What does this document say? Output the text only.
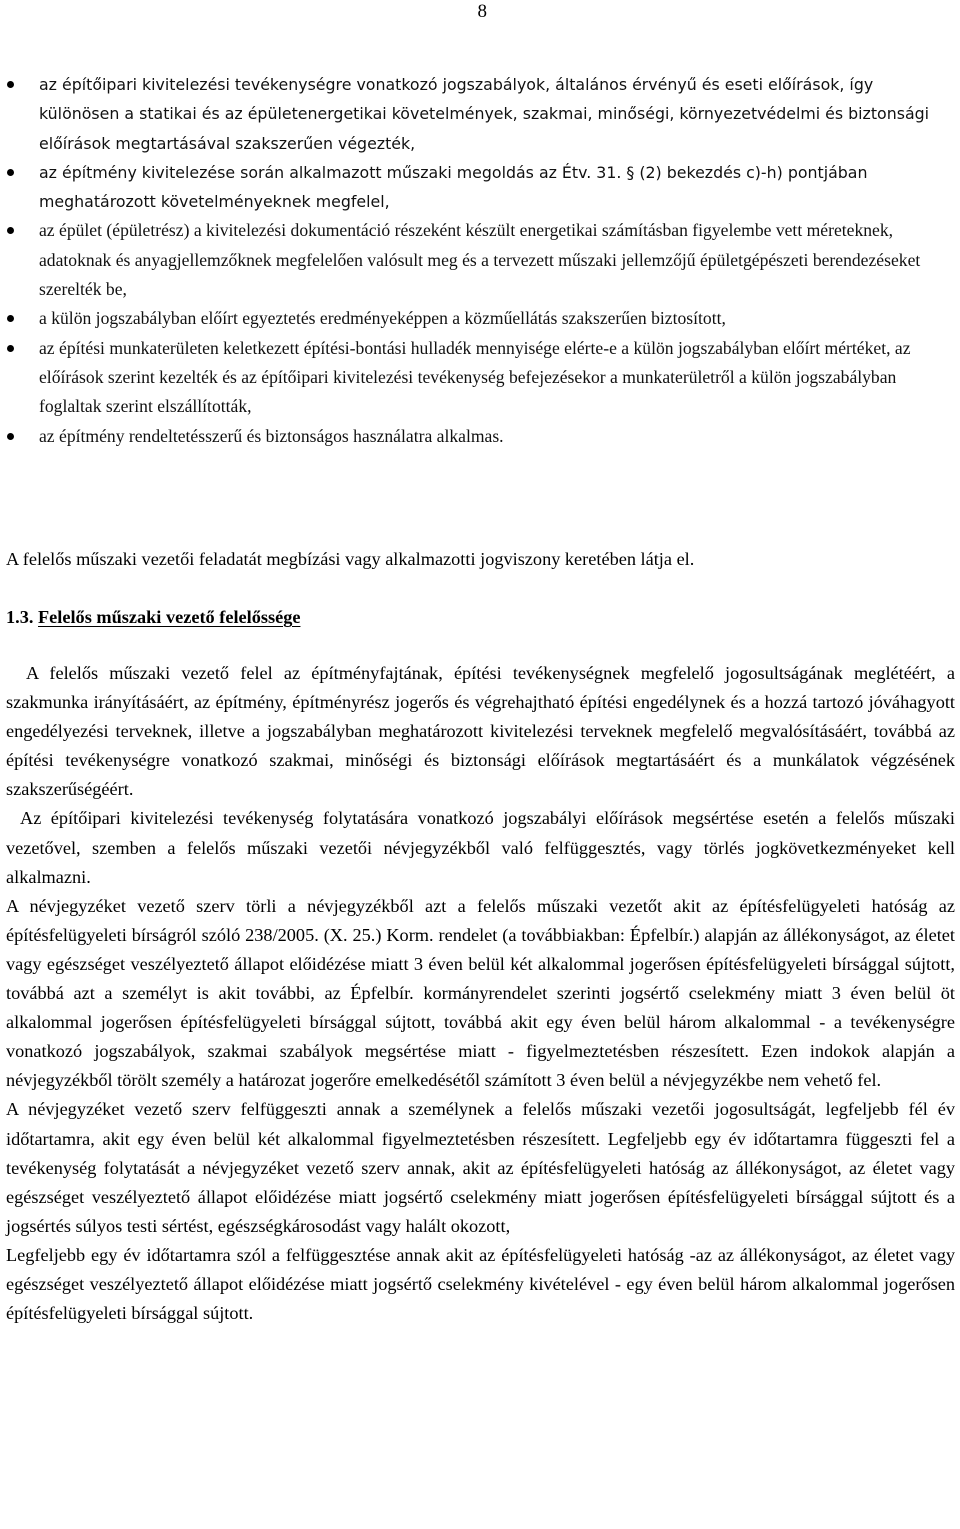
8
az építőipari kivitelezési tevékenységre vonatkozó jogszabályok, általános érvényű és eseti előírások, így különösen a statikai és az épületenergetikai követelmények, szakmai, minőségi, környezetvédelmi és biztonsági előírások megtartásával szakszerűen végezték,
az építmény kivitelezése során alkalmazott műszaki megoldás az Étv. 31. § (2) bekezdés c)-h) pontjában meghatározott követelményeknek megfelel,
az épület (épületrész) a kivitelezési dokumentáció részeként készült energetikai számításban figyelembe vett méreteknek, adatoknak és anyagjellemzőknek megfelelően valósult meg és a tervezett műszaki jellemzőjű épületgépészeti berendezéseket szerelték be,
a külön jogszabályban előírt egyeztetés eredményeképpen a közműellátás szakszerűen biztosított,
az építési munkaterületen keletkezett építési-bontási hulladék mennyisége elérte-e a külön jogszabályban előírt mértéket, az előírások szerint kezelték és az építőipari kivitelezési tevékenység befejezésekor a munkaterületről a külön jogszabályban foglaltak szerint elszállították,
az építmény rendeltetésszerű és biztonságos használatra alkalmas.
A felelős műszaki vezetői feladatát megbízási vagy alkalmazotti jogviszony keretében látja el.
1.3. Felelős műszaki vezető felelőssége

A felelős műszaki vezető felel az építményfajtának, építési tevékenységnek megfelelő jogosultságának meglétéért, a szakmunka irányításáért, az építmény, építményrész jogerős és végrehajtható építési engedélynek és a hozzá tartozó jóváhagyott engedélyezési terveknek, illetve a jogszabályban meghatározott kivitelezési terveknek megfelelő megvalósításáért, továbbá az építési tevékenységre vonatkozó szakmai, minőségi és biztonsági előírások megtartásáért és a munkálatok végzésének szakszerűségéért.

Az építőipari kivitelezési tevékenység folytatására vonatkozó jogszabályi előírások megsértése esetén a felelős műszaki vezetővel, szemben a felelős műszaki vezetői névjegyzékből való felfüggesztés, vagy törlés jogkövetkezményeket kell alkalmazni.

A névjegyzéket vezető szerv törli a névjegyzékből azt a felelős műszaki vezetőt akit az építésfelügyeleti hatóság az építésfelügyeleti bírságról szóló 238/2005. (X. 25.) Korm. rendelet (a továbbiakban: Épfelbír.) alapján az állékonyságot, az életet vagy egészséget veszélyeztető állapot előidézése miatt 3 éven belül két alkalommal jogerősen építésfelügyeleti bírsággal sújtott, továbbá azt a személyt is akit további, az Épfelbír. kormányrendelet szerinti jogsértő cselekmény miatt 3 éven belül öt alkalommal jogerősen építésfelügyeleti bírsággal sújtott, továbbá akit egy éven belül három alkalommal - a tevékenységre vonatkozó jogszabályok, szakmai szabályok megsértése miatt - figyelmeztetésben részesített. Ezen indokok alapján a névjegyzékből törölt személy a határozat jogerőre emelkedésétől számított 3 éven belül a névjegyzékbe nem vehető fel.

A névjegyzéket vezető szerv felfüggeszti annak a személynek a felelős műszaki vezetői jogosultságát, legfeljebb fél év időtartamra, akit egy éven belül két alkalommal figyelmeztetésben részesített. Legfeljebb egy év időtartamra függeszti fel a tevékenység folytatását a névjegyzéket vezető szerv annak, akit az építésfelügyeleti hatóság az állékonyságot, az életet vagy egészséget veszélyeztető állapot előidézése miatt jogsértő cselekmény miatt jogerősen építésfelügyeleti bírsággal sújtott és a jogsértés súlyos testi sértést, egészségkárosodást vagy halált okozott,

Legfeljebb egy év időtartamra szól a felfüggesztése annak akit az építésfelügyeleti hatóság -az az állékonyságot, az életet vagy egészséget veszélyeztető állapot előidézése miatt jogsértő cselekmény kivételével - egy éven belül három alkalommal jogerősen építésfelügyeleti bírsággal sújtott.
